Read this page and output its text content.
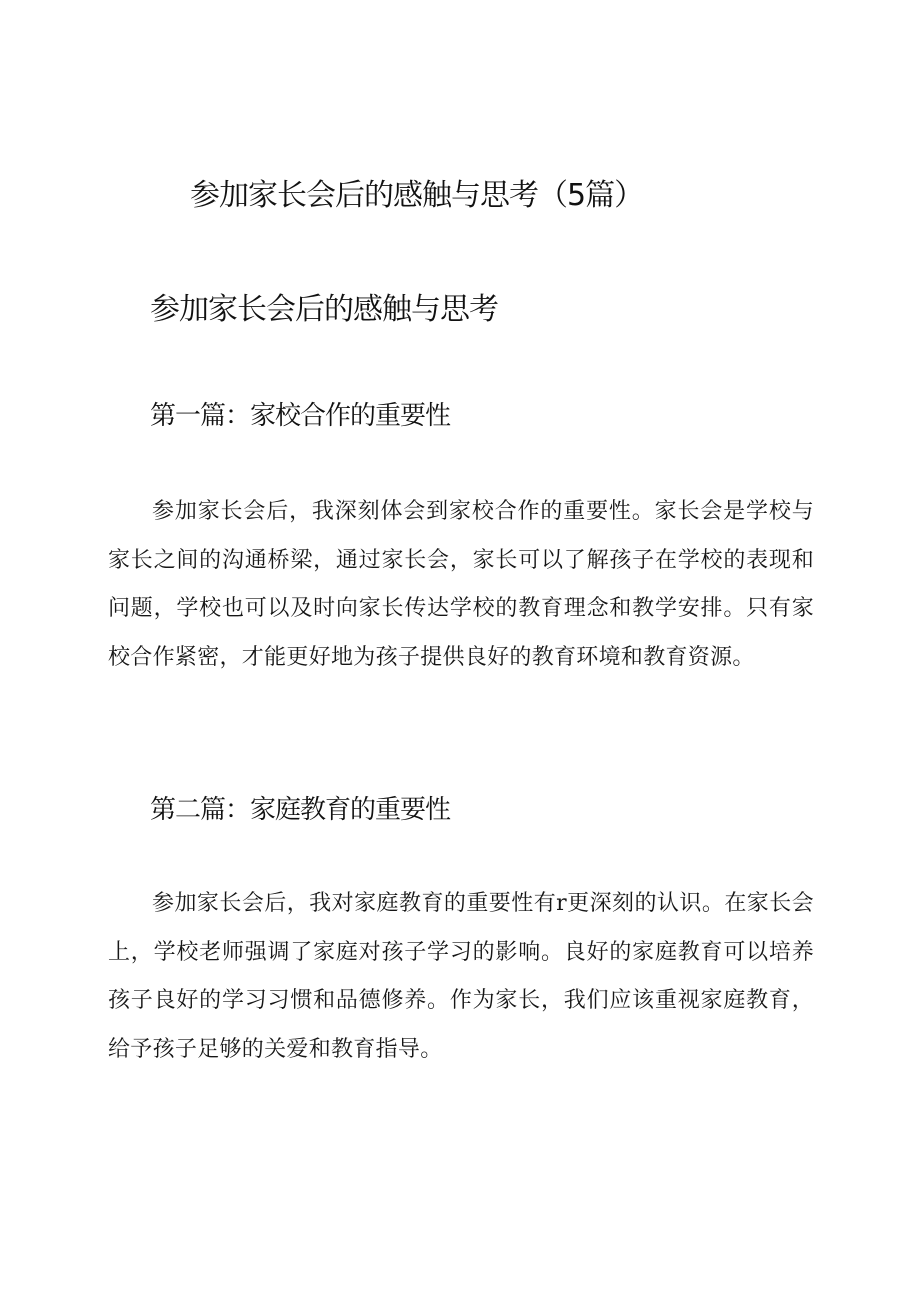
参加家长会后的感触与思考（5篇）
参加家长会后的感触与思考
第一篇：家校合作的重要性

参加家长会后，我深刻体会到家校合作的重要性。家长会是学校与家长之间的沟通桥梁，通过家长会，家长可以了解孩子在学校的表现和问题，学校也可以及时向家长传达学校的教育理念和教学安排。只有家校合作紧密，才能更好地为孩子提供良好的教育环境和教育资源。

第二篇：家庭教育的重要性

参加家长会后，我对家庭教育的重要性有r更深刻的认识。在家长会上，学校老师强调了家庭对孩子学习的影响。良好的家庭教育可以培养孩子良好的学习习惯和品德修养。作为家长，我们应该重视家庭教育，给予孩子足够的关爱和教育指导。
